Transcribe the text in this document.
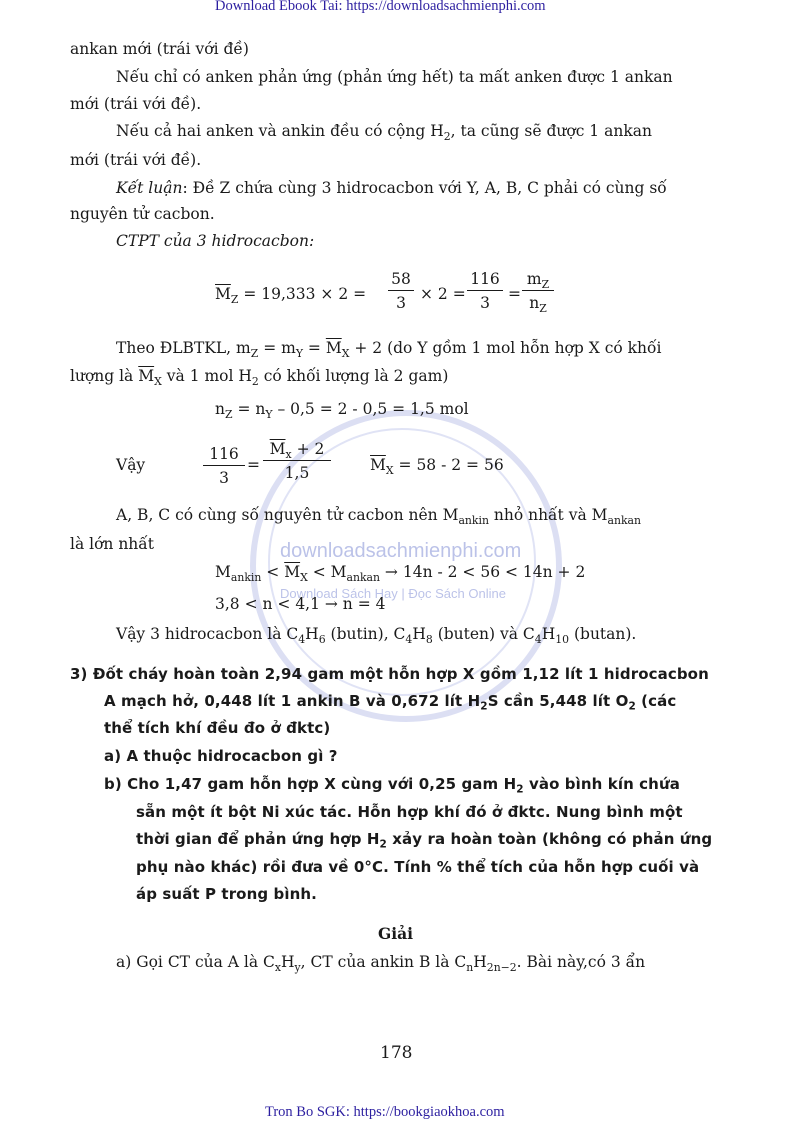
downloadsachmienphi.com
Download Sách Hay | Đọc Sách Online
Download Ebook Tai: https://downloadsachmienphi.com
ankan mới (trái với đề)
Nếu chỉ có anken phản ứng (phản ứng hết) ta mất anken được 1 ankan
mới (trái với đề).
Nếu cả hai anken và ankin đều có cộng $H_2$, ta cũng sẽ được 1 ankan
mới (trái với đề).
Kết luận: Đề Z chứa cùng 3 hidrocacbon với Y, A, B, C phải có cùng số
nguyên tử cacbon.
CTPT của 3 hidrocacbon:
$\overline{M}_Z = 19,333 \times 2$ =
58
3 × 2 =
116
3	=
$m_Z$
$n_Z$
Theo ĐLBTKL, $m_Z = m_Y = \overline{M}_X + 2$ (do Y gồm 1 mol hỗn hợp X có khối
lượng là $\overline{M}_X$ và 1 mol $H_2$ có khối lượng là 2 gam)
$n_Z = n_Y - 0,5 = 2 - 0,5 = 1,5$ mol
Vậy
116
3
=
$\overline{M}_x + 2$
1,5	$\overline{M}_X = 58 - 2 = 56$
A, B, C có cùng số nguyên tử cacbon nên $M_{ankin}$ nhỏ nhất và $M_{ankan}$
là lớn nhất
$M_{ankin} < \overline{M}_X < M_{ankan} \to 14n - 2 < 56 < 14n + 2$
3,8 < n < 4,1 → n = 4
Vậy 3 hidrocacbon là $C_4H_6$ (butin), $C_4H_8$ (buten) và $C_4H_{10}$ (butan).
3) Đốt cháy hoàn toàn 2,94 gam một hỗn hợp X gồm 1,12 lít 1 hidrocacbon
A mạch hở, 0,448 lít 1 ankin B và 0,672 lít $H_2S$ cần 5,448 lít $O_2$ (các
thể tích khí đều đo ở đktc)
a) A thuộc hidrocacbon gì ?
b) Cho 1,47 gam hỗn hợp X cùng với 0,25 gam $H_2$ vào bình kín chứa
sẵn một ít bột Ni xúc tác. Hỗn hợp khí đó ở đktc. Nung bình một
thời gian để phản ứng hợp $H_2$ xảy ra hoàn toàn (không có phản ứng
phụ nào khác) rồi đưa về 0°C. Tính % thể tích của hỗn hợp cuối và
áp suất P trong bình.
Giải
a) Gọi CT của A là $C_xH_y$, CT của ankin B là $C_nH_{2n-2}$. Bài này,có 3 ẩn
178
Tron Bo SGK: https://bookgiaokhoa.com
